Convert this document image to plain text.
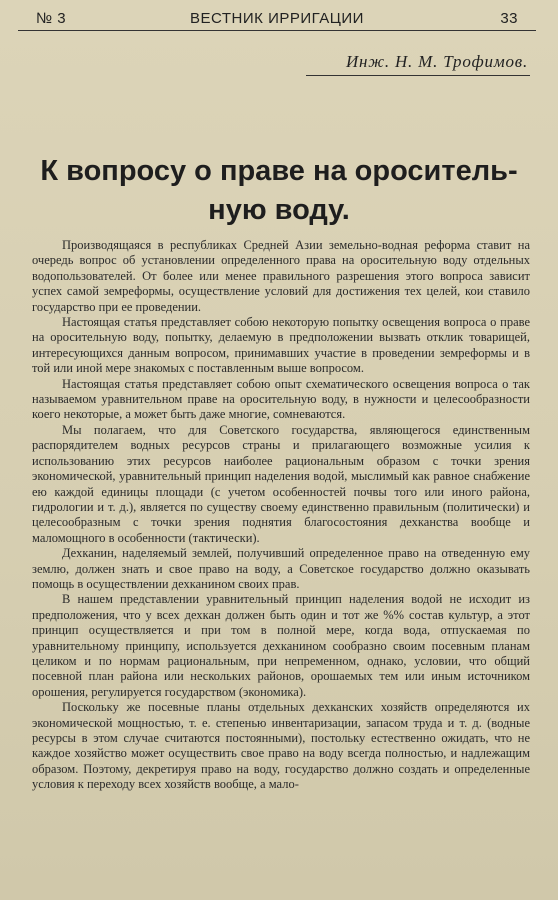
№ 3	ВЕСТНИК ИРРИГАЦИИ	33
Инж. Н. М. Трофимов.
К вопросу о праве на ороситель-ную воду.

Производящаяся в республиках Средней Азии земельно-водная реформа ставит на очередь вопрос об установлении определенного права на оросительную воду отдельных водопользователей. От более или менее правильного разрешения этого вопроса зависит успех самой земреформы, осуществление условий для достижения тех целей, кои ставило государство при ее проведении.

Настоящая статья представляет собою некоторую попытку освещения вопроса о праве на оросительную воду, попытку, делаемую в предположении вызвать отклик товарищей, интересующихся данным вопросом, принимавших участие в проведении земреформы и в той или иной мере знакомых с поставленным выше вопросом.

Настоящая статья представляет собою опыт схематического освещения вопроса о так называемом уравнительном праве на оросительную воду, в нужности и целесообразности коего некоторые, а может быть даже многие, сомневаются.

Мы полагаем, что для Советского государства, являющегося единственным распорядителем водных ресурсов страны и прилагающего возможные усилия к использованию этих ресурсов наиболее рациональным образом с точки зрения экономической, уравнительный принцип наделения водой, мыслимый как равное снабжение ею каждой единицы площади (с учетом особенностей почвы того или иного района, гидрологии и т. д.), является по существу своему единственно правильным (политически) и целесообразным с точки зрения поднятия благосостояния дехканства вообще и маломощного в особенности (тактически).

Дехканин, наделяемый землей, получивший определенное право на отведенную ему землю, должен знать и свое право на воду, а Советское государство должно оказывать помощь в осуществлении дехканином своих прав.

В нашем представлении уравнительный принцип наделения водой не исходит из предположения, что у всех дехкан должен быть один и тот же %% состав культур, а этот принцип осуществляется и при том в полной мере, когда вода, отпускаемая по уравнительному принципу, используется дехканином сообразно своим посевным планам целиком и по нормам рациональным, при непременном, однако, условии, что общий посевной план района или нескольких районов, орошаемых тем или иным источником орошения, регулируется государством (экономика).

Поскольку же посевные планы отдельных дехканских хозяйств определяются их экономической мощностью, т. е. степенью инвентаризации, запасом труда и т. д. (водные ресурсы в этом случае считаются постоянными), постольку естественно ожидать, что не каждое хозяйство может осуществить свое право на воду всегда полностью, и надлежащим образом. Поэтому, декретируя право на воду, государство должно создать и определенные условия к переходу всех хозяйств вообще, а мало-
